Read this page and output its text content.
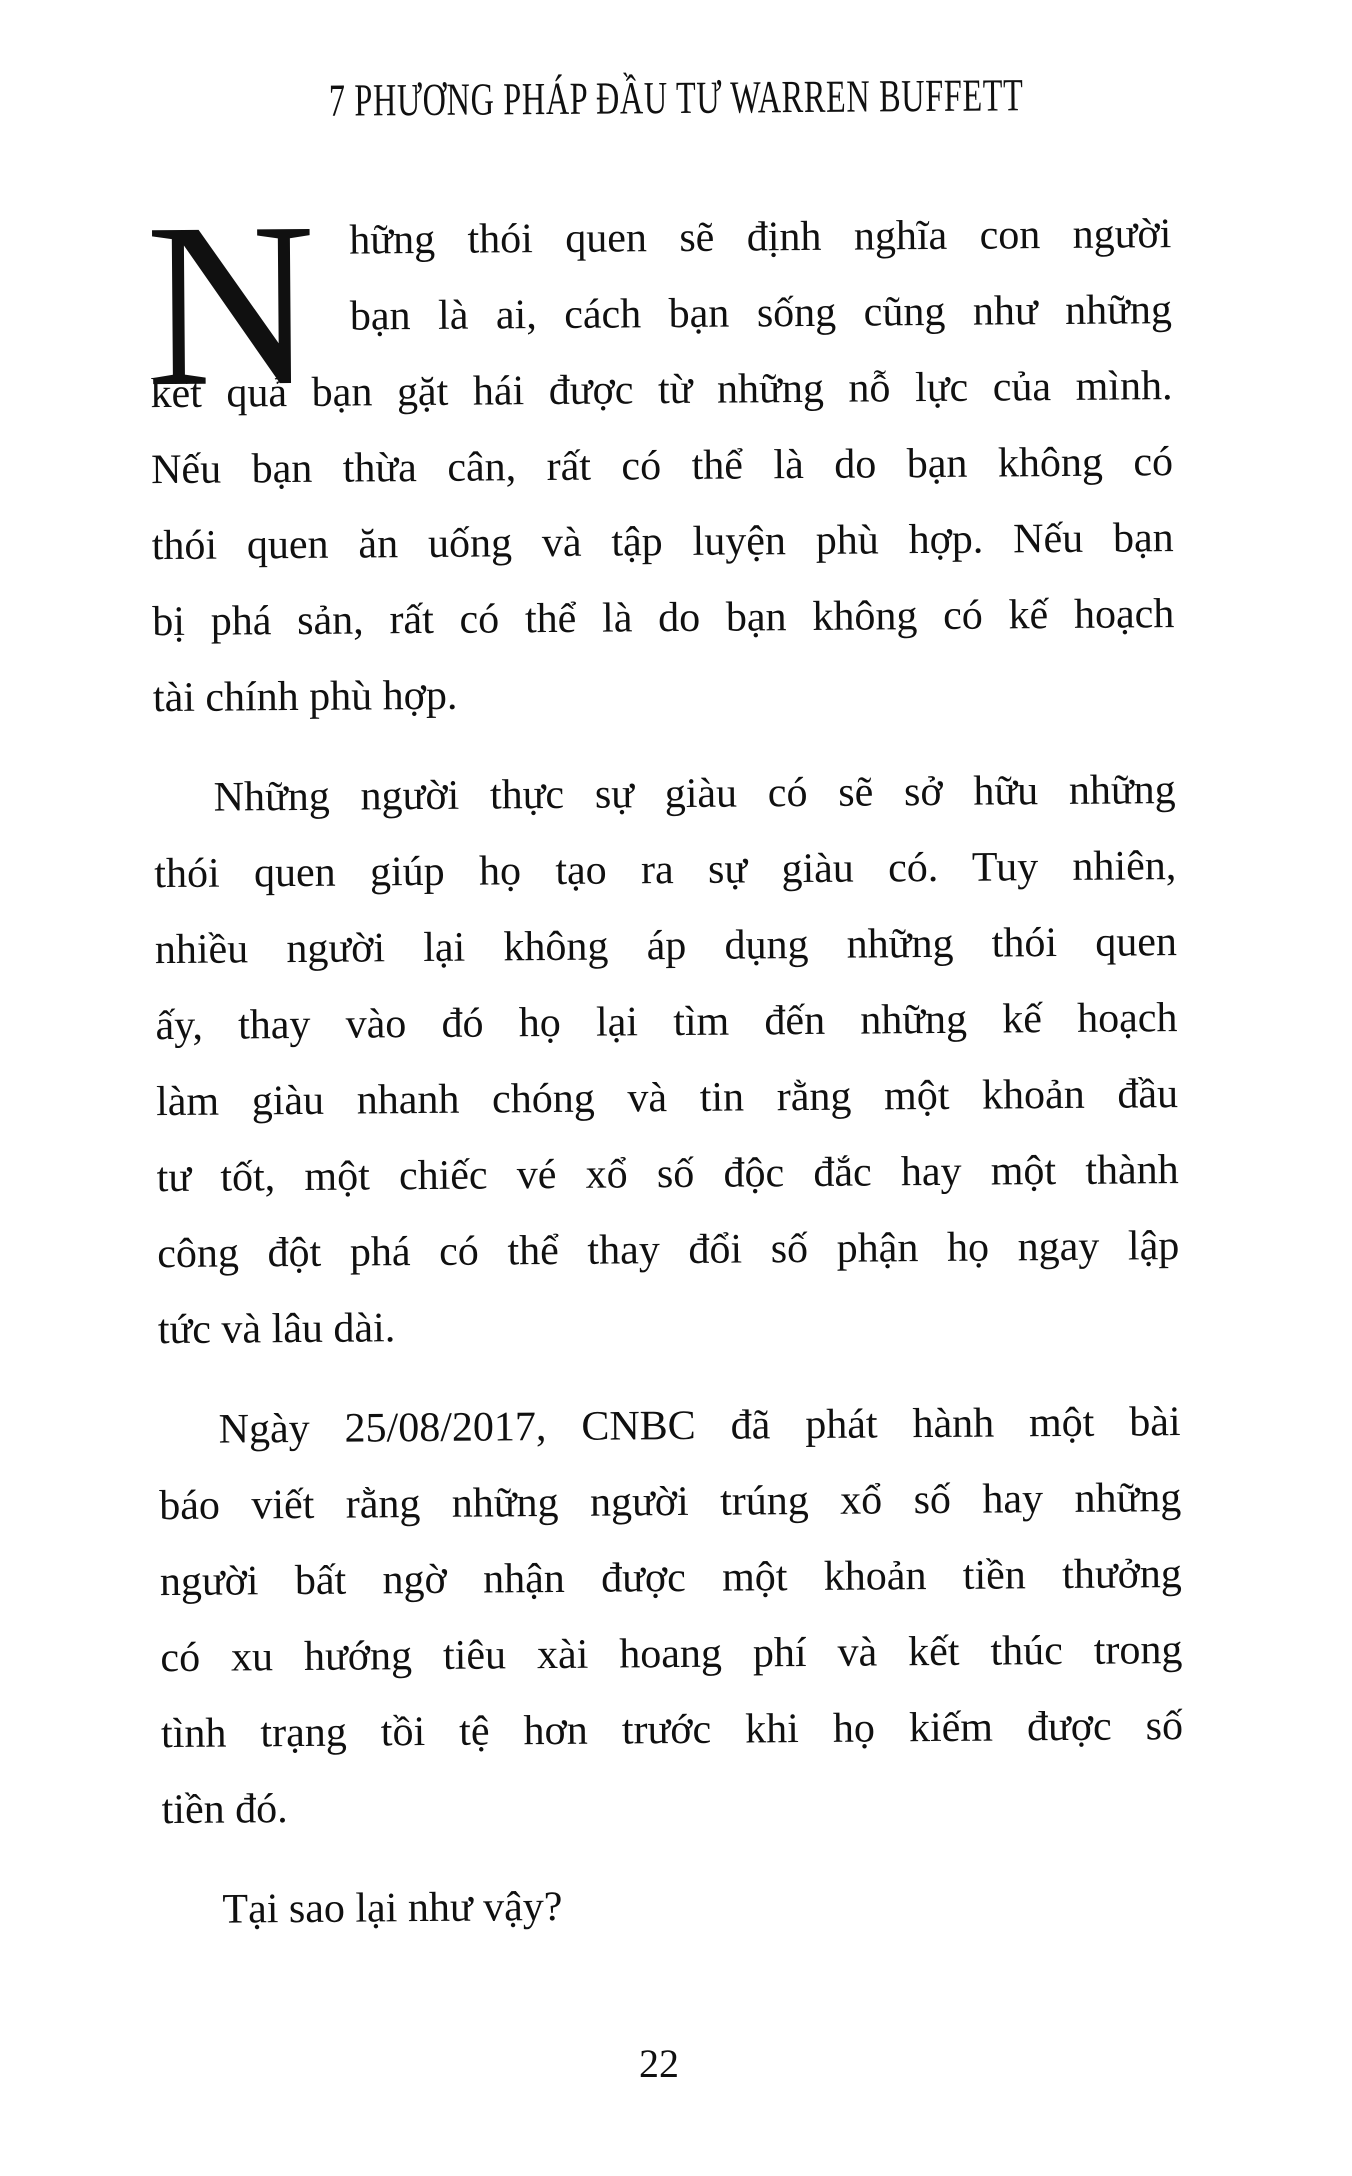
7 PHƯƠNG PHÁP ĐẦU TƯ WARREN BUFFETT
N hững thói quen sẽ định nghĩa con người
bạn là ai, cách bạn sống cũng như những
kết quả bạn gặt hái được từ những nỗ lực của mình.
Nếu bạn thừa cân, rất có thể là do bạn không có
thói quen ăn uống và tập luyện phù hợp. Nếu bạn
bị phá sản, rất có thể là do bạn không có kế hoạch
tài chính phù hợp.
Những người thực sự giàu có sẽ sở hữu những
thói quen giúp họ tạo ra sự giàu có. Tuy nhiên,
nhiều người lại không áp dụng những thói quen
ấy, thay vào đó họ lại tìm đến những kế hoạch
làm giàu nhanh chóng và tin rằng một khoản đầu
tư tốt, một chiếc vé xổ số độc đắc hay một thành
công đột phá có thể thay đổi số phận họ ngay lập
tức và lâu dài.
Ngày 25/08/2017, CNBC đã phát hành một bài
báo viết rằng những người trúng xổ số hay những
người bất ngờ nhận được một khoản tiền thưởng
có xu hướng tiêu xài hoang phí và kết thúc trong
tình trạng tồi tệ hơn trước khi họ kiếm được số
tiền đó.
Tại sao lại như vậy?
22
